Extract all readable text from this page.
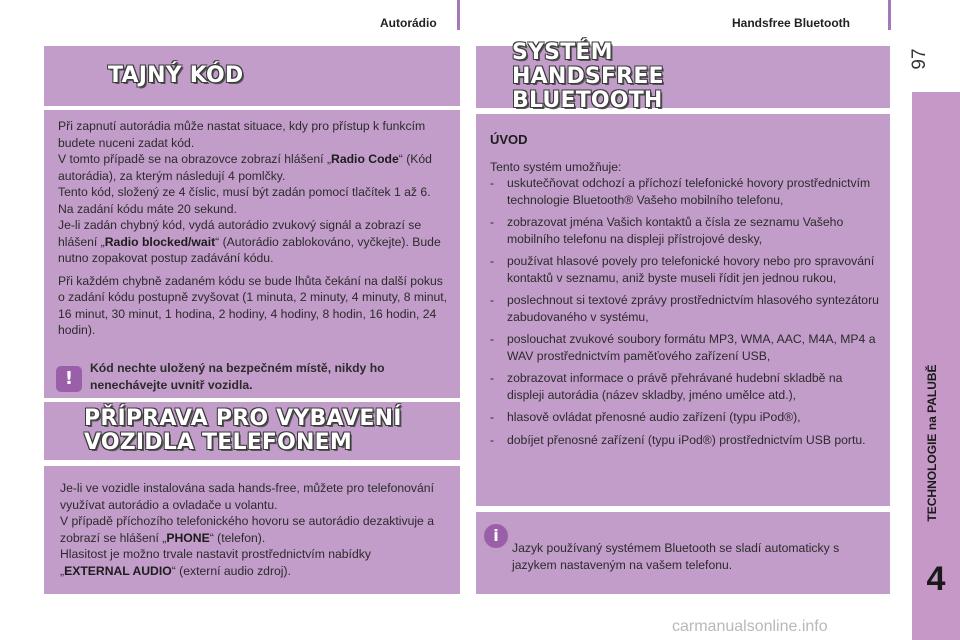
Autorádio	Handsfree Bluetooth
97
TECHNOLOGIE na PALUBĚ
4
TAJNÝ KÓD

Při zapnutí autorádia může nastat situace, kdy pro přístup k funkcím budete nuceni zadat kód.
V tomto případě se na obrazovce zobrazí hlášení „Radio Code“ (Kód autorádia), za kterým následují 4 pomlčky.
Tento kód, složený ze 4 číslic, musí být zadán pomocí tlačítek 1 až 6.
Na zadání kódu máte 20 sekund.
Je-li zadán chybný kód, vydá autorádio zvukový signál a zobrazí se hlášení „Radio blocked/wait“ (Autorádio zablokováno, vyčkejte). Bude nutno zopakovat postup zadávání kódu.

Při každém chybně zadaném kódu se bude lhůta čekání na další pokus o zadání kódu postupně zvyšovat (1 minuta, 2 minuty, 4 minuty, 8 minut, 16 minut, 30 minut, 1 hodina, 2 hodiny, 4 hodiny, 8 hodin, 16 hodin, 24 hodin).

!	Kód nechte uložený na bezpečném místě, nikdy ho nenechávejte uvnitř vozidla.
PŘÍPRAVA PRO VYBAVENÍ VOZIDLA TELEFONEM

Je-li ve vozidle instalována sada hands-free, můžete pro telefonování využívat autorádio a ovladače u volantu.
V případě příchozího telefonického hovoru se autorádio dezaktivuje a zobrazí se hlášení „PHONE“ (telefon).
Hlasitost je možno trvale nastavit prostřednictvím nabídky „EXTERNAL AUDIO“ (externí audio zdroj).

SYSTÉM HANDSFREE BLUETOOTH

ÚVOD

Tento systém umožňuje:

- uskutečňovat odchozí a příchozí telefonické hovory prostřednictvím technologie Bluetooth® Vašeho mobilního telefonu,
- zobrazovat jména Vašich kontaktů a čísla ze seznamu Vašeho mobilního telefonu na displeji přístrojové desky,
- používat hlasové povely pro telefonické hovory nebo pro spravování kontaktů v seznamu, aniž byste museli řídit jen jednou rukou,
- poslechnout si textové zprávy prostřednictvím hlasového syntezátoru zabudovaného v systému,
- poslouchat zvukové soubory formátu MP3, WMA, AAC, M4A, MP4 a WAV prostřednictvím paměťového zařízení USB,
- zobrazovat informace o právě přehrávané hudební skladbě na displeji autorádia (název skladby, jméno umělce atd.),
- hlasově ovládat přenosné audio zařízení (typu iPod®),
- dobíjet přenosné zařízení (typu iPod®) prostřednictvím USB portu.
i
Jazyk používaný systémem Bluetooth se sladí automaticky s jazykem nastaveným na vašem telefonu.
carmanualsonline.info
